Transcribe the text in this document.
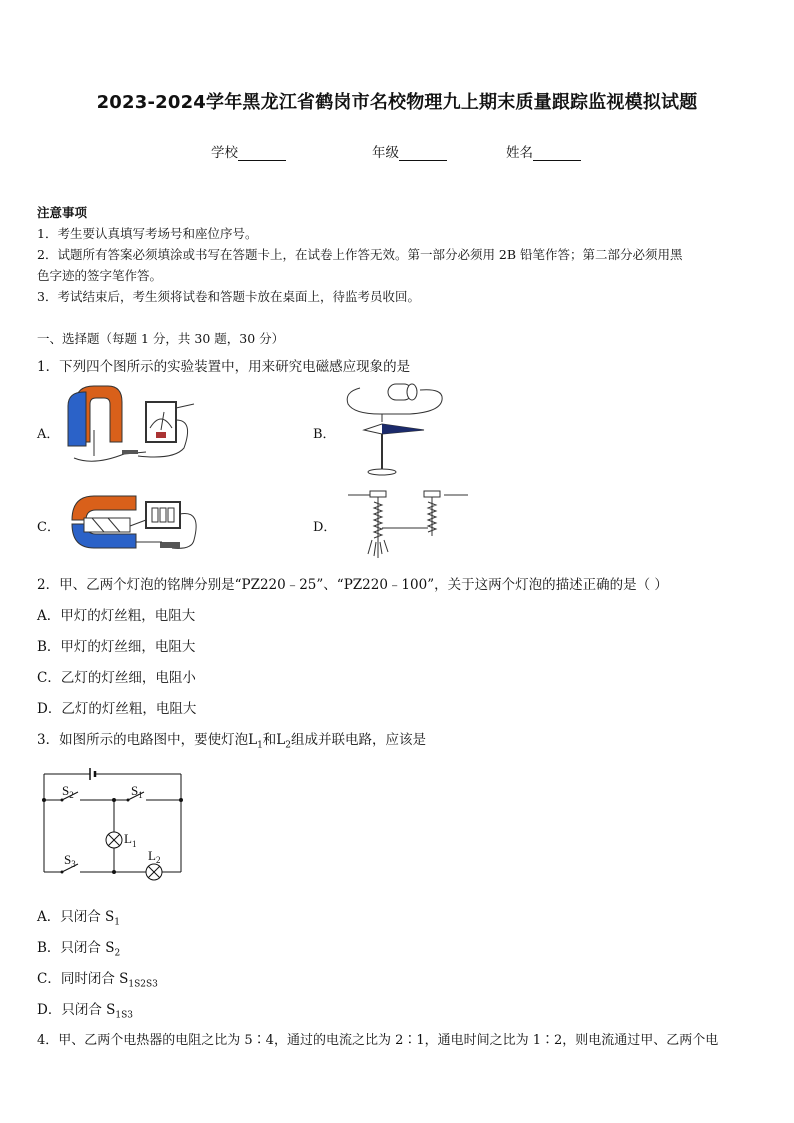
2023-2024学年黑龙江省鹤岗市名校物理九上期末质量跟踪监视模拟试题
学校	年级	姓名
注意事项
1．考生要认真填写考场号和座位序号。
2．试题所有答案必须填涂或书写在答题卡上，在试卷上作答无效。第一部分必须用 2B 铅笔作答；第二部分必须用黑
色字迹的签字笔作答。
3．考试结束后，考生须将试卷和答题卡放在桌面上，待监考员收回。
一、选择题（每题 1 分，共 30 题，30 分）
1．下列四个图所示的实验装置中，用来研究电磁感应现象的是
A．	B．
C．	D．
2．甲、乙两个灯泡的铭牌分别是“PZ220﹣25”、“PZ220﹣100”，关于这两个灯泡的描述正确的是（ ）
A．甲灯的灯丝粗，电阻大
B．甲灯的灯丝细，电阻大
C．乙灯的灯丝细，电阻小
D．乙灯的灯丝粗，电阻大
3．如图所示的电路图中，要使灯泡$L_1$和$L_2$组成并联电路，应该是
$S_2$	$S_1$
$L_1$
$S_3$
$L_2$
A．只闭合 $S_1$
B．只闭合 $S_2$
C．同时闭合 $S_{1S2S3}$
D．只闭合 $S_{1S3}$
4．甲、乙两个电热器的电阻之比为 5∶4，通过的电流之比为 2∶1，通电时间之比为 1∶2，则电流通过甲、乙两个电
